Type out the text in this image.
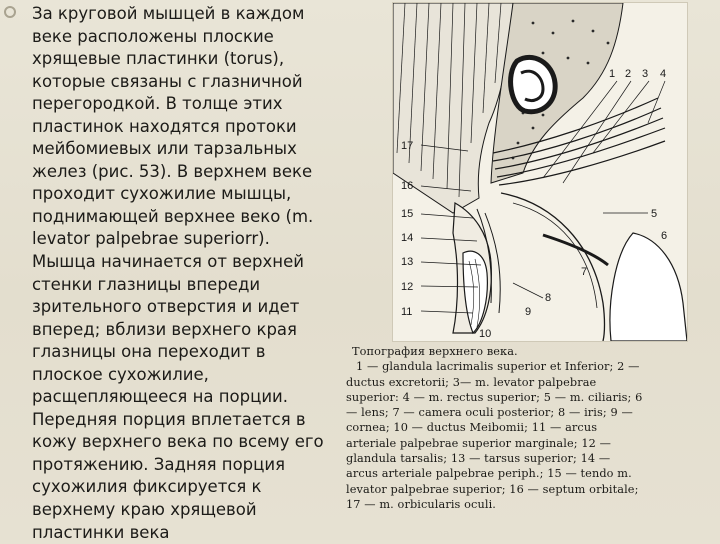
За круговой мышцей в каждом
веке расположены плоские
хрящевые пластинки (torus),
которые связаны с глазничной
перегородкой. В толще этих
пластинок находятся протоки
мейбомиевых или тарзальных
желез (рис. 53). В верхнем веке
проходит сухожилие мышцы,
поднимающей верхнее веко (m.
levator palpebrae superiorr).
Мышца начинается от верхней
стенки глазницы впереди
зрительного отверстия и идет
вперед; вблизи верхнего края
глазницы она переходит в
плоское сухожилие,
расщепляющееся на порции.
Передняя порция вплетается в
кожу верхнего века по всему его
протяжению. Задняя порция
сухожилия фиксируется к
верхнему краю хрящевой
пластинки века
1 2 3 4
17
16
15
14
13
12
11
5
6
7
8
9
10
Топография верхнего века.
1 — glandula lacrimalis superior et Inferior; 2 —
ductus excretorii; 3— m. levator palpebrae
superior: 4 — m. rectus superior; 5 — m. ciliaris; 6
— lens; 7 — camera oculi posterior; 8 — iris; 9 —
cornea; 10 — ductus Meibomii; 11 — arcus
arteriale palpebrae superior marginale; 12 —
glandula tarsalis; 13 — tarsus superior; 14 —
arcus arteriale palpebrae periph.; 15 — tendo m.
levator palpebrae superior; 16 — septum orbitale;
17 — m. orbicularis oculi.
